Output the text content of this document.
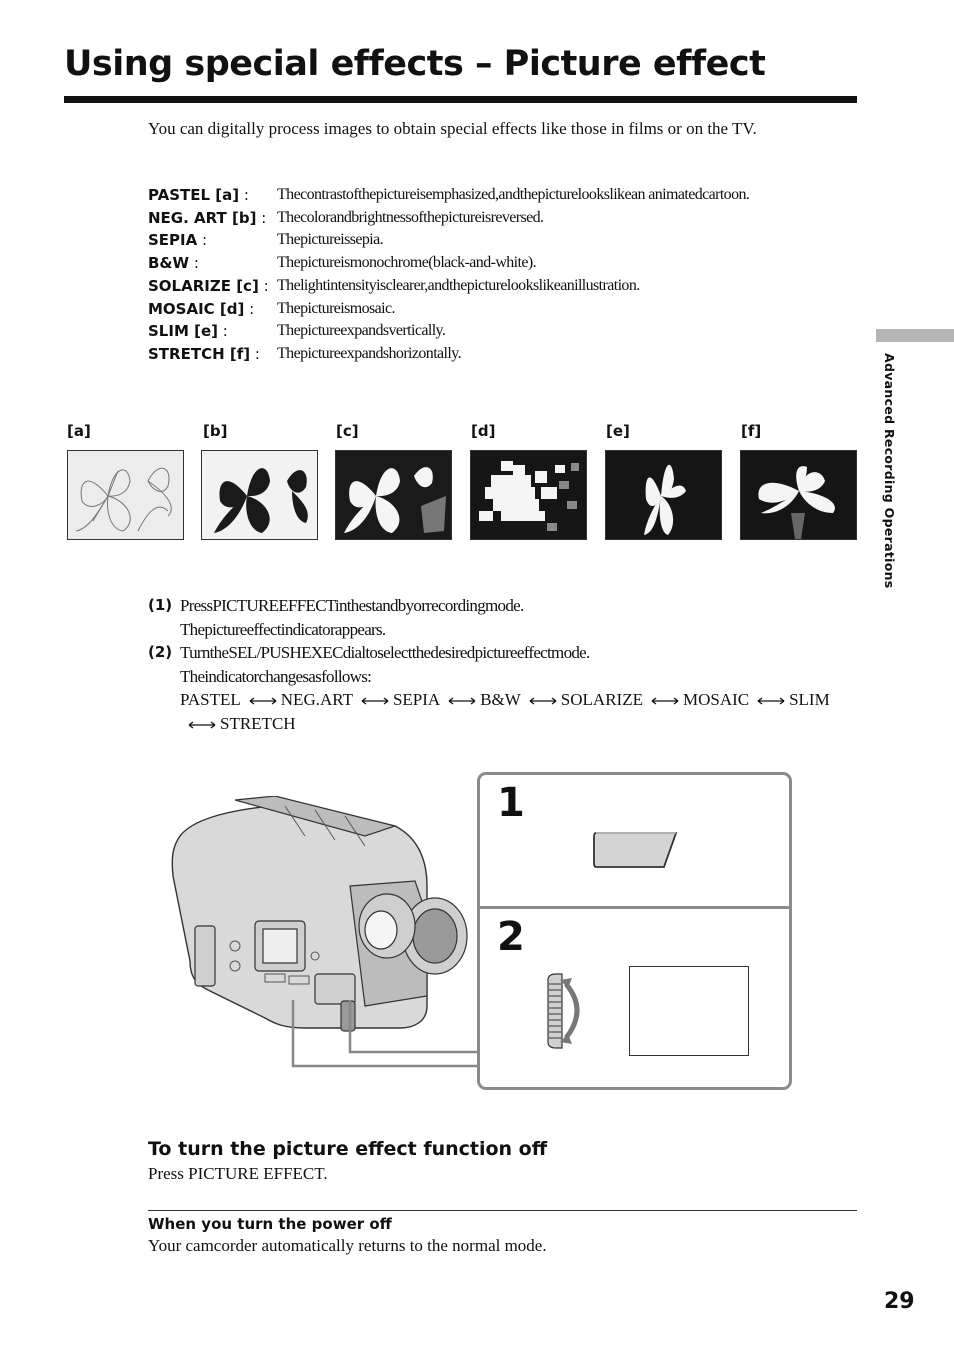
Using special effects – Picture effect
You can digitally process images to obtain special effects like those in films or on the TV.
PASTEL [a] :	Thecontrastofthepictureisemphasized,andthepicturelookslikean animatedcartoon.
NEG. ART [b] : Thecolorandbrightnessofthepictureisreversed.
SEPIA :	Thepictureissepia.
B&W :	Thepictureismonochrome(black-and-white).
SOLARIZE [c] : Thelightintensityisclearer,andthepicturelookslikeanillustration.
MOSAIC [d] :	Thepictureismosaic.
SLIM [e] :	Thepictureexpandsvertically.
STRETCH [f] :	Thepictureexpandshorizontally.
[a]	[b]	[c]	[d]	[e]	[f]
(1) PressPICTUREEFFECTinthestandbyorrecordingmode.
Thepictureeffectindicatorappears.
(2) TurntheSEL/PUSHEXECdialtoselectthedesiredpictureeffectmode.
Theindicatorchangesasfollows:
PASTEL NEG.ART SEPIA B&W SOLARIZE MOSAIC SLIM
STRETCH
Advanced Recording Operations
1
2
To turn the picture effect function off
Press PICTURE EFFECT.
When you turn the power off
Your camcorder automatically returns to the normal mode.
29
